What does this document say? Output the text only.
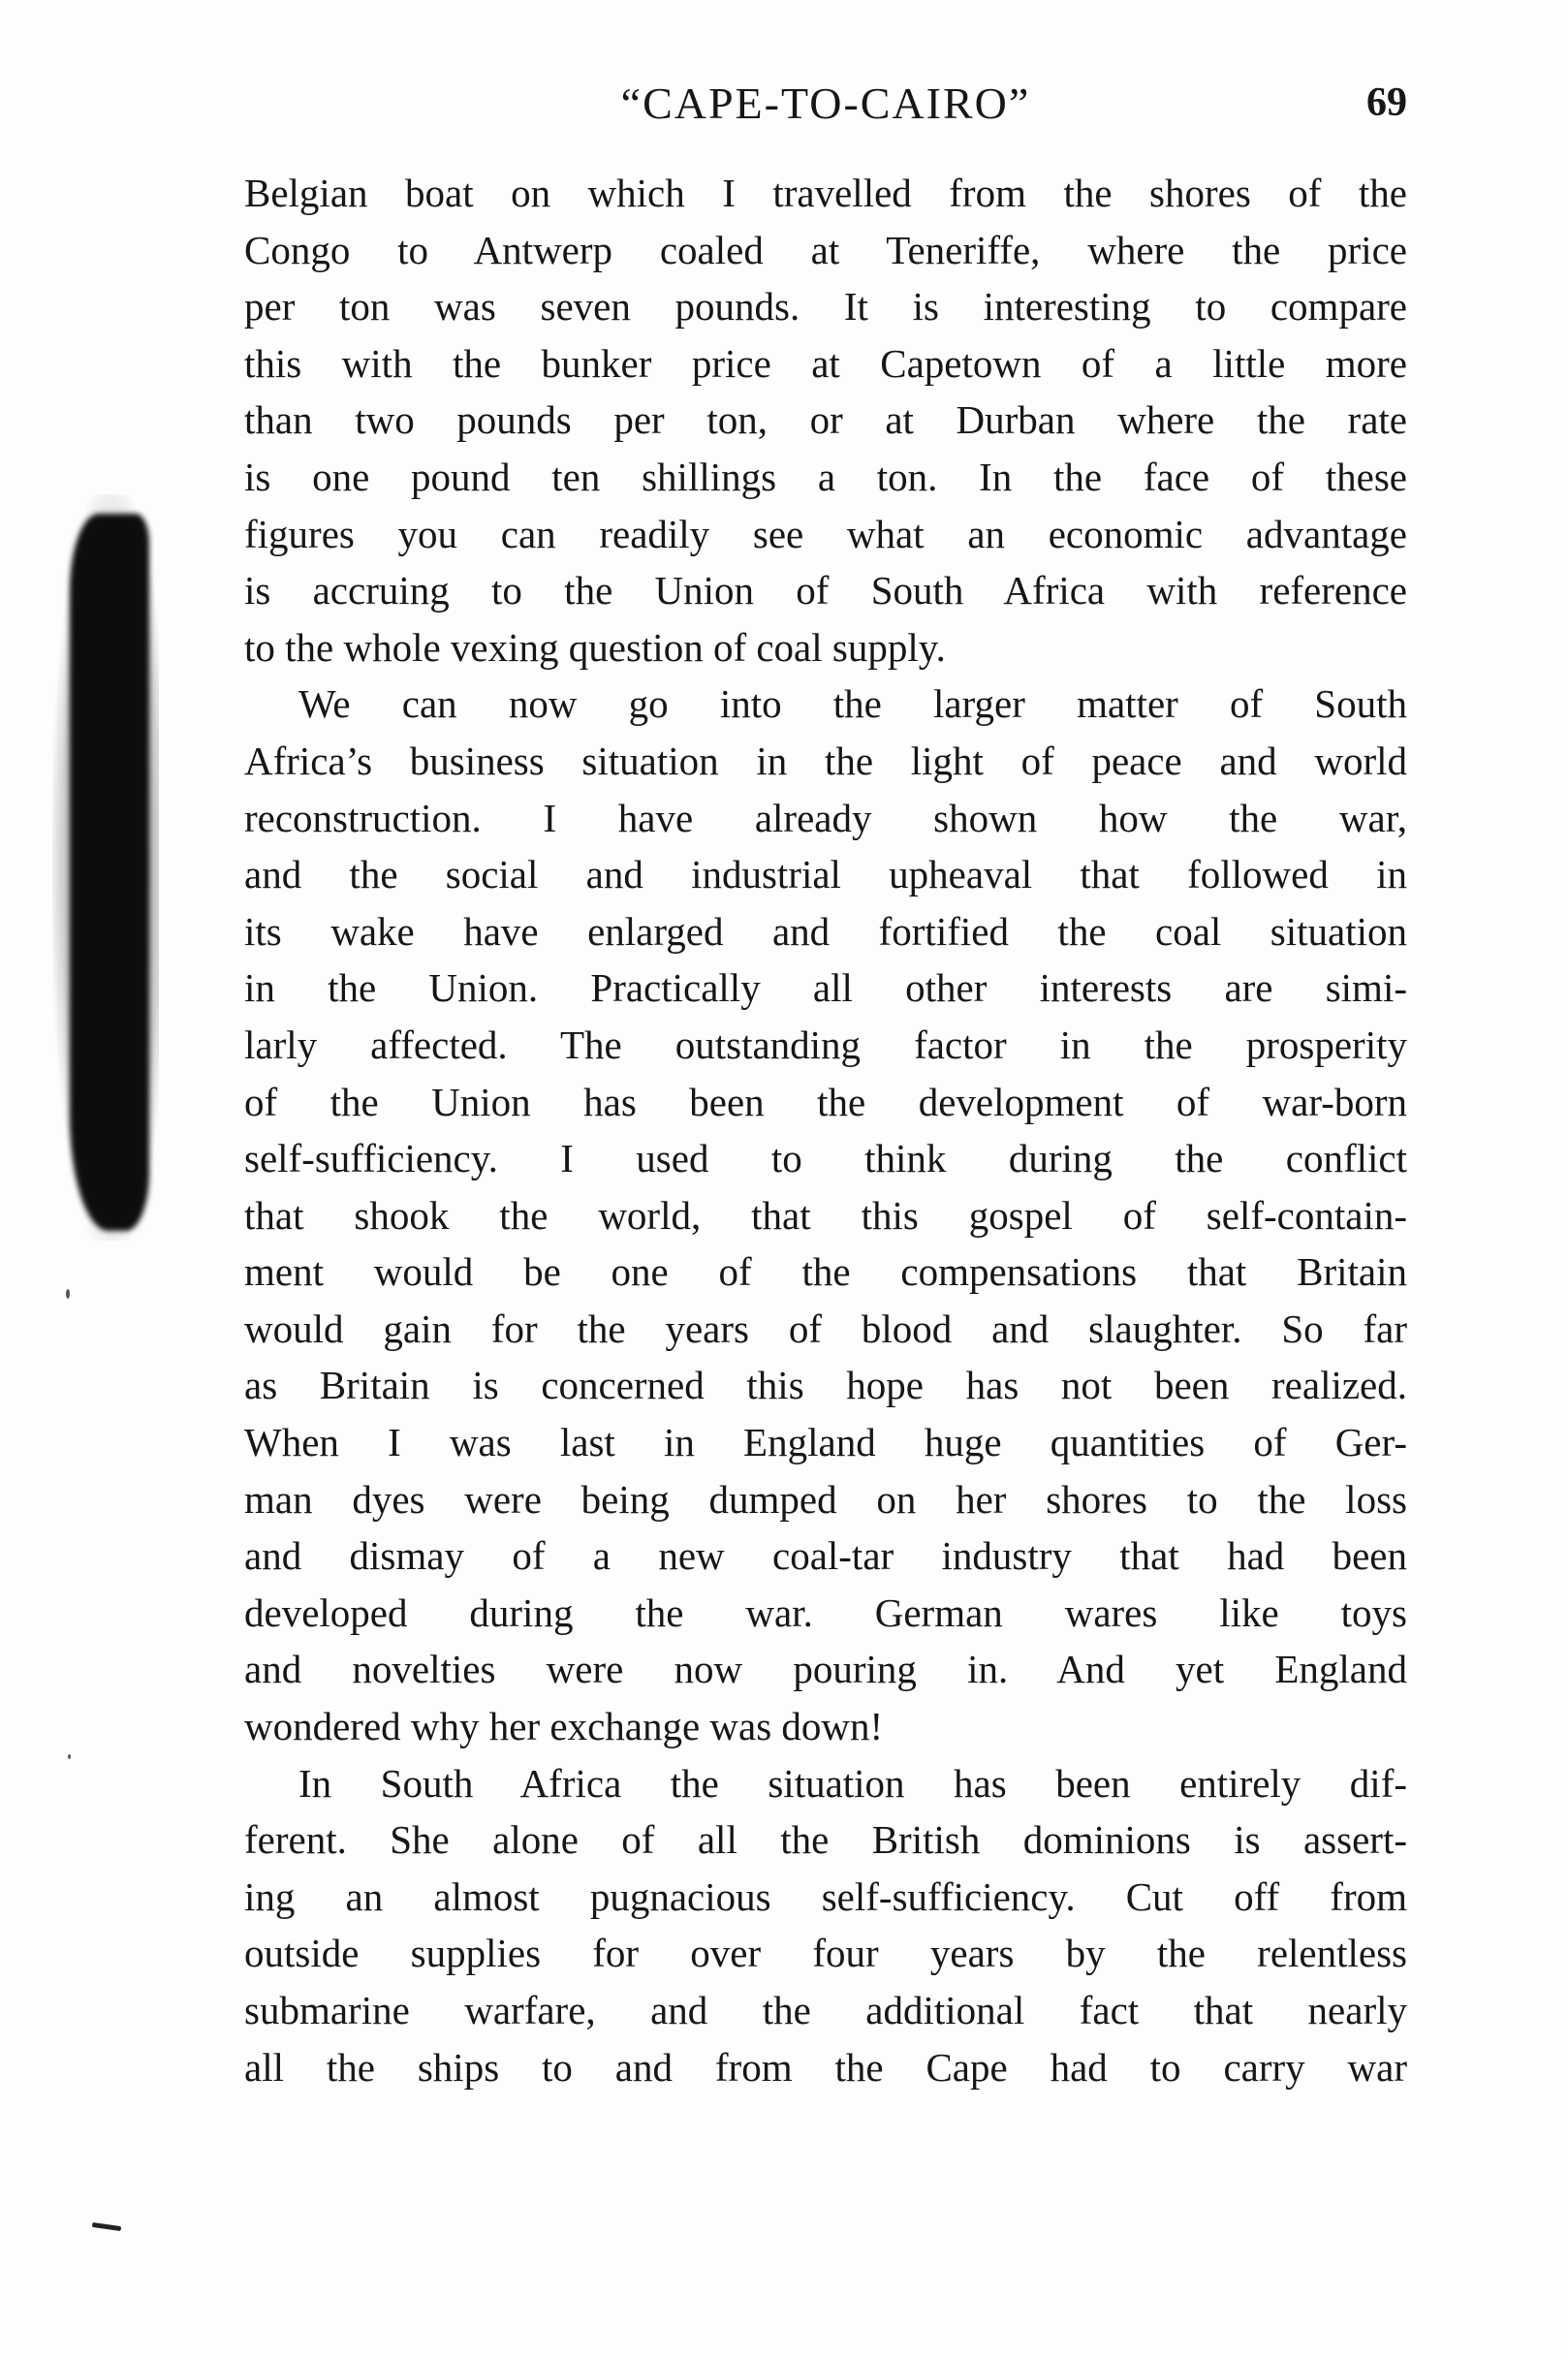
“CAPE-TO-CAIRO”	69

Belgian boat on which I travelled from the shores of the
Congo to Antwerp coaled at Teneriffe, where the price
per ton was seven pounds. It is interesting to compare
this with the bunker price at Capetown of a little more
than two pounds per ton, or at Durban where the rate
is one pound ten shillings a ton. In the face of these
figures you can readily see what an economic advantage
is accruing to the Union of South Africa with reference
to the whole vexing question of coal supply.

We can now go into the larger matter of South
Africa’s business situation in the light of peace and world
reconstruction. I have already shown how the war,
and the social and industrial upheaval that followed in
its wake have enlarged and fortified the coal situation
in the Union. Practically all other interests are simi-
larly affected. The outstanding factor in the prosperity
of the Union has been the development of war-born
self-sufficiency. I used to think during the conflict
that shook the world, that this gospel of self-contain-
ment would be one of the compensations that Britain
would gain for the years of blood and slaughter. So far
as Britain is concerned this hope has not been realized.
When I was last in England huge quantities of Ger-
man dyes were being dumped on her shores to the loss
and dismay of a new coal-tar industry that had been
developed during the war. German wares like toys
and novelties were now pouring in. And yet England
wondered why her exchange was down!

In South Africa the situation has been entirely dif-
ferent. She alone of all the British dominions is assert-
ing an almost pugnacious self-sufficiency. Cut off from
outside supplies for over four years by the relentless
submarine warfare, and the additional fact that nearly
all the ships to and from the Cape had to carry war
